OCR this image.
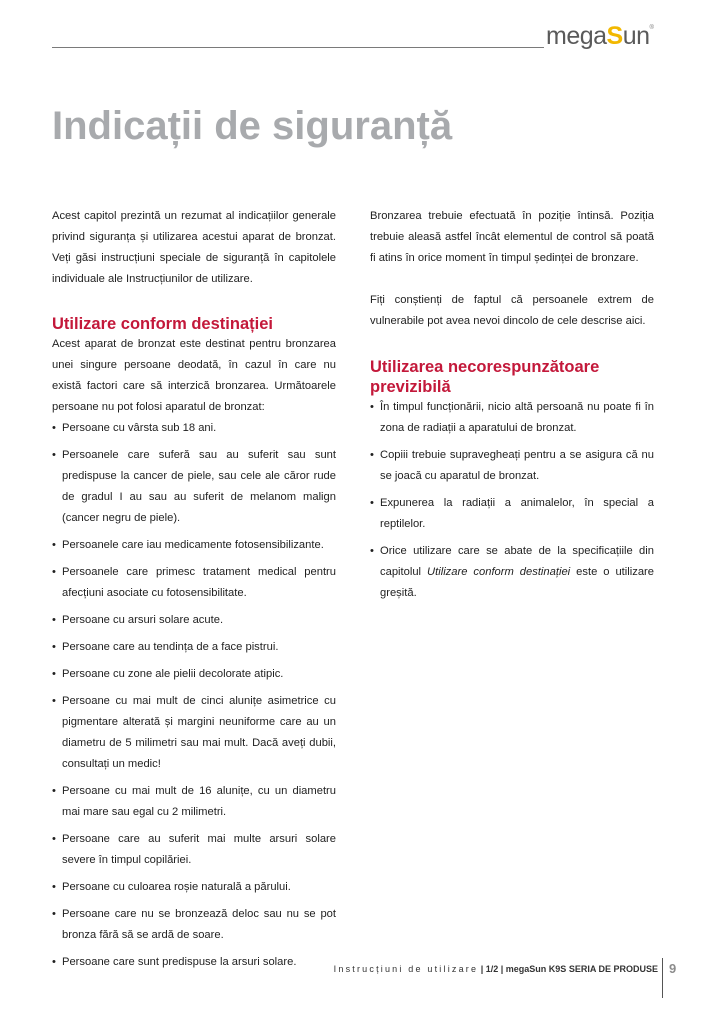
megaSun®
Indicații de siguranță

Acest capitol prezintă un rezumat al indicațiilor generale privind siguranța și utilizarea acestui aparat de bronzat. Veți găsi instrucțiuni speciale de siguranță în capitolele individuale ale Instrucțiunilor de utilizare.

Utilizare conform destinației

Acest aparat de bronzat este destinat pentru bronzarea unei singure persoane deodată, în cazul în care nu există factori care să interzică bronzarea. Următoarele persoane nu pot folosi aparatul de bronzat:

• Persoane cu vârsta sub 18 ani.
• Persoanele care suferă sau au suferit sau sunt predispuse la cancer de piele, sau cele ale căror rude de gradul I au sau au suferit de melanom malign (cancer negru de piele).
• Persoanele care iau medicamente fotosensibilizante.
• Persoanele care primesc tratament medical pentru afecțiuni asociate cu fotosensibilitate.
• Persoane cu arsuri solare acute.
• Persoane care au tendința de a face pistrui.
• Persoane cu zone ale pielii decolorate atipic.
• Persoane cu mai mult de cinci alunițe asimetrice cu pigmentare alterată și margini neuniforme care au un diametru de 5 milimetri sau mai mult. Dacă aveți dubii, consultați un medic!
• Persoane cu mai mult de 16 alunițe, cu un diametru mai mare sau egal cu 2 milimetri.
• Persoane care au suferit mai multe arsuri solare severe în timpul copilăriei.
• Persoane cu culoarea roșie naturală a părului.
• Persoane care nu se bronzează deloc sau nu se pot bronza fără să se ardă de soare.
• Persoane care sunt predispuse la arsuri solare.

Bronzarea trebuie efectuată în poziție întinsă. Poziția trebuie aleasă astfel încât elementul de control să poată fi atins în orice moment în timpul ședinței de bronzare.

Fiți conștienți de faptul că persoanele extrem de vulnerabile pot avea nevoi dincolo de cele descrise aici.

Utilizarea necorespunzătoare previzibilă
• În timpul funcționării, nicio altă persoană nu poate fi în zona de radiații a aparatului de bronzat.
• Copiii trebuie supravegheați pentru a se asigura că nu se joacă cu aparatul de bronzat.
• Expunerea la radiații a animalelor, în special a reptilelor.
• Orice utilizare care se abate de la specificațiile din capitolul Utilizare conform destinației este o utilizare greșită.
Instrucțiuni de utilizare | 1/2 | megaSun K9S SERIA DE PRODUSE 9
